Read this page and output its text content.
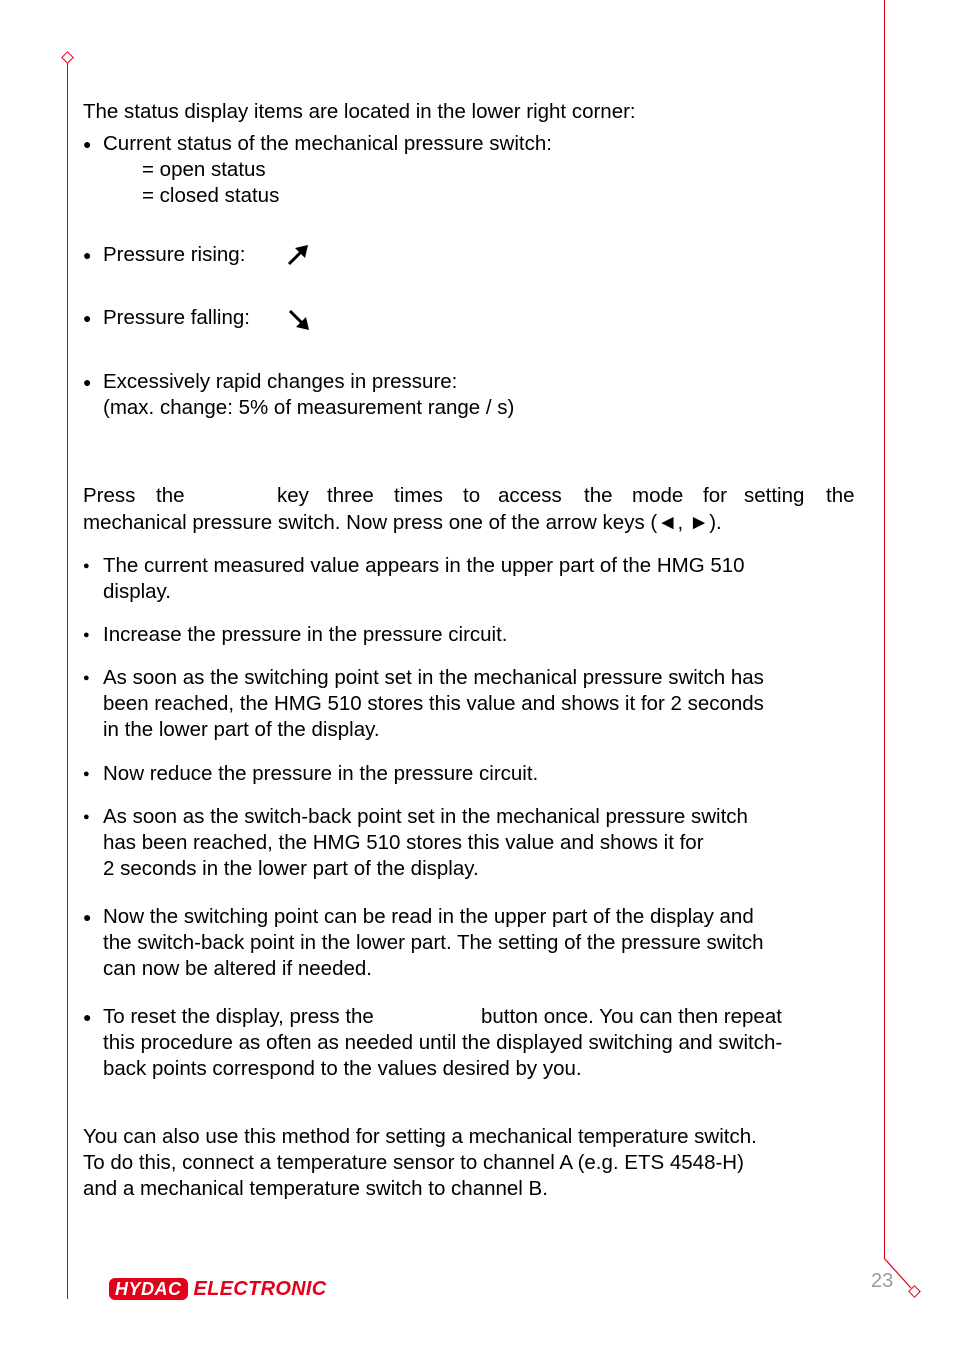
The status display items are located in the lower right corner:
● Current status of the mechanical pressure switch:
= open status
= closed status
● Pressure rising:
● Pressure falling:
● Excessively rapid changes in pressure:
(max. change: 5% of measurement range / s)
Press the	key three times to access the mode for setting the
mechanical pressure switch. Now press one of the arrow keys (◄, ►).
● The current measured value appears in the upper part of the HMG 510
display.
● Increase the pressure in the pressure circuit.
● As soon as the switching point set in the mechanical pressure switch has
been reached, the HMG 510 stores this value and shows it for 2 seconds
in the lower part of the display.
● Now reduce the pressure in the pressure circuit.
● As soon as the switch-back point set in the mechanical pressure switch
has been reached, the HMG 510 stores this value and shows it for
2 seconds in the lower part of the display.
● Now the switching point can be read in the upper part of the display and
the switch-back point in the lower part. The setting of the pressure switch
can now be altered if needed.
● To reset the display, press the	button once. You can then repeat
this procedure as often as needed until the displayed switching and switch-
back points correspond to the values desired by you.
You can also use this method for setting a mechanical temperature switch.
To do this, connect a temperature sensor to channel A (e.g. ETS 4548-H)
and a mechanical temperature switch to channel B.
HYDAC ELECTRONIC	23
